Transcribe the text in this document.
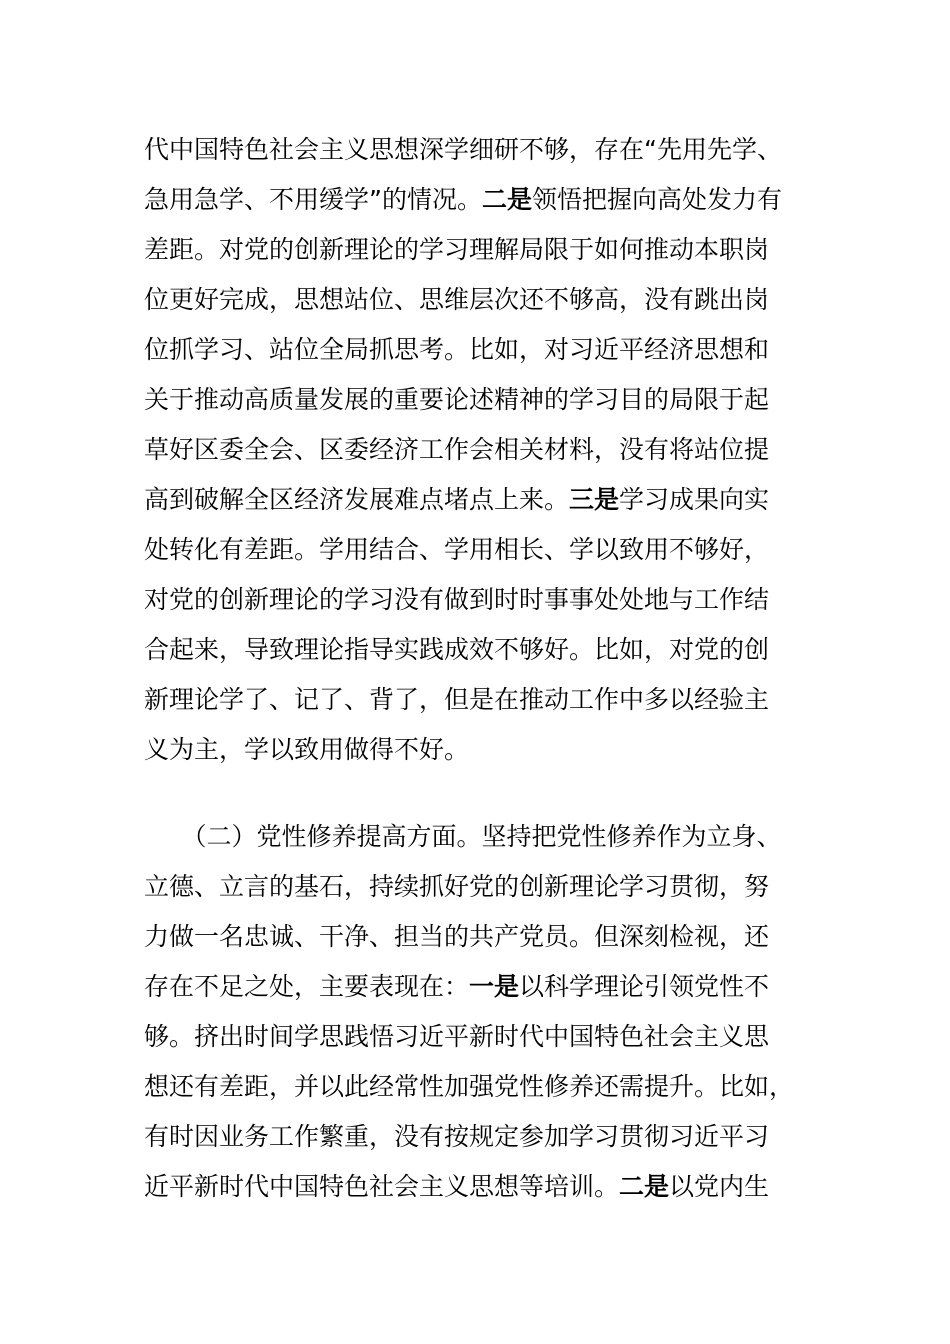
代中国特色社会主义思想深学细研不够，存在“先用先学、
急用急学、不用缓学”的情况。二是领悟把握向高处发力有
差距。对党的创新理论的学习理解局限于如何推动本职岗
位更好完成，思想站位、思维层次还不够高，没有跳出岗
位抓学习、站位全局抓思考。比如，对习近平经济思想和
关于推动高质量发展的重要论述精神的学习目的局限于起
草好区委全会、区委经济工作会相关材料，没有将站位提
高到破解全区经济发展难点堵点上来。三是学习成果向实
处转化有差距。学用结合、学用相长、学以致用不够好，
对党的创新理论的学习没有做到时时事事处处地与工作结
合起来，导致理论指导实践成效不够好。比如，对党的创
新理论学了、记了、背了，但是在推动工作中多以经验主
义为主，学以致用做得不好。
　　（二）党性修养提高方面。坚持把党性修养作为立身、
立德、立言的基石，持续抓好党的创新理论学习贯彻，努
力做一名忠诚、干净、担当的共产党员。但深刻检视，还
存在不足之处，主要表现在：一是以科学理论引领党性不
够。挤出时间学思践悟习近平新时代中国特色社会主义思
想还有差距，并以此经常性加强党性修养还需提升。比如，
有时因业务工作繁重，没有按规定参加学习贯彻习近平习
近平新时代中国特色社会主义思想等培训。二是以党内生
